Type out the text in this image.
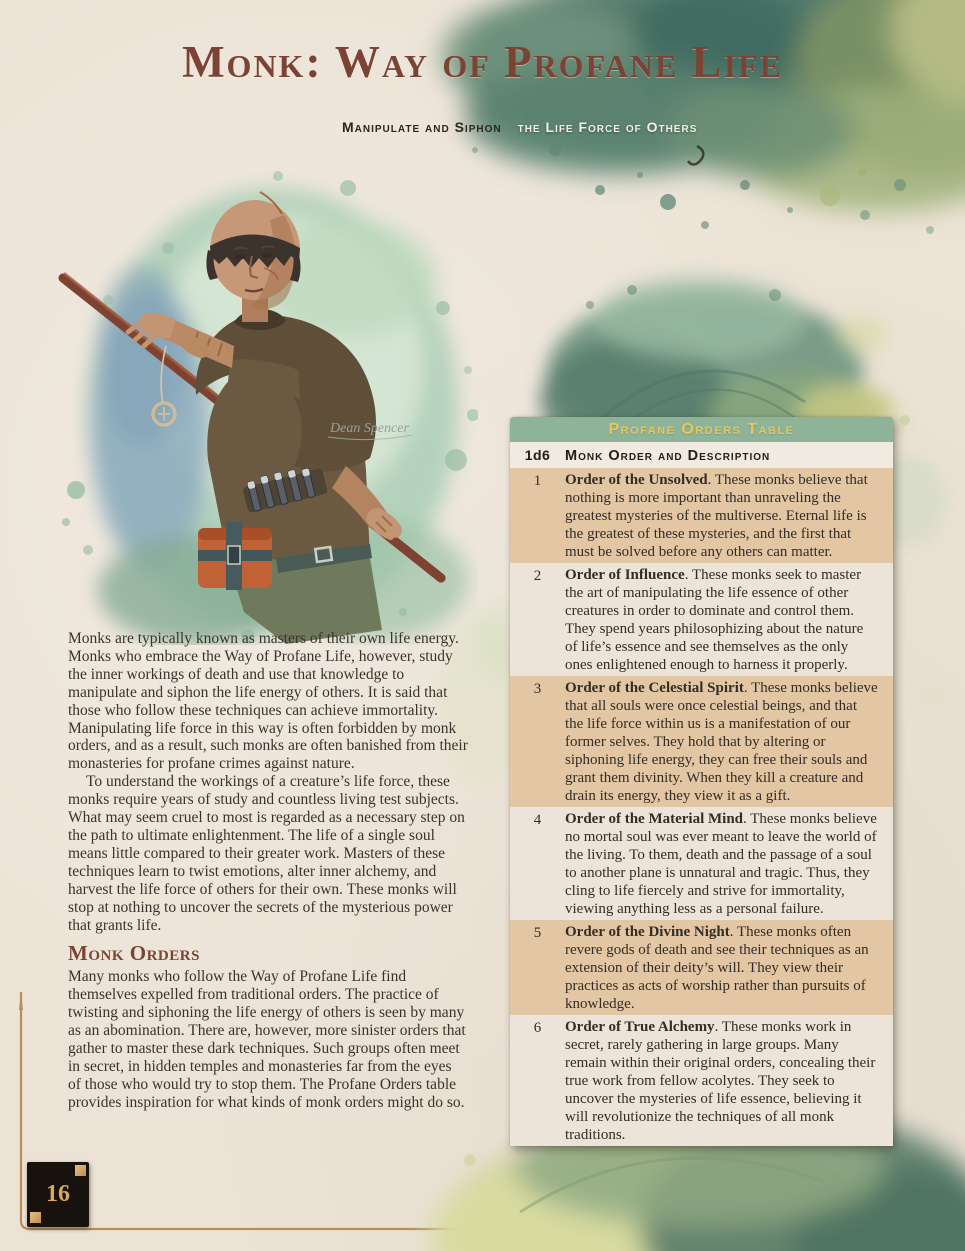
Dean Spencer
Monk: Way of Profane Life
Manipulate and Siphon the Life Force of Others

Monks are typically known as masters of their own life energy. Monks who embrace the Way of Profane Life, however, study the inner workings of death and use that knowledge to manipulate and siphon the life energy of others. It is said that those who follow these techniques can achieve immortality. Manipulating life force in this way is often forbidden by monk orders, and as a result, such monks are often banished from their monasteries for profane crimes against nature.

To understand the workings of a creature’s life force, these monks require years of study and countless living test subjects. What may seem cruel to most is regarded as a necessary step on the path to ultimate enlightenment. The life of a single soul means little compared to their greater work. Masters of these techniques learn to twist emotions, alter inner alchemy, and harvest the life force of others for their own. These monks will stop at nothing to uncover the secrets of the mysterious power that grants life.

Monk Orders

Many monks who follow the Way of Profane Life find themselves expelled from traditional orders. The practice of twisting and siphoning the life energy of others is seen by many as an abomination. There are, however, more sinister orders that gather to master these dark techniques. Such groups often meet in secret, in hidden temples and monasteries far from the eyes of those who would try to stop them. The Profane Orders table provides inspiration for what kinds of monk orders might do so.

Profane Orders Table
1d6	Monk Order and Description
1	Order of the Unsolved. These monks believe that nothing is more important than unraveling the greatest mysteries of the multiverse. Eternal life is the greatest of these mysteries, and the first that must be solved before any others can matter.
2	Order of Influence. These monks seek to master the art of manipulating the life essence of other creatures in order to dominate and control them. They spend years philosophizing about the nature of life’s essence and see themselves as the only ones enlightened enough to harness it properly.
3	Order of the Celestial Spirit. These monks believe that all souls were once celestial beings, and that the life force within us is a manifestation of our former selves. They hold that by altering or siphoning life energy, they can free their souls and grant them divinity. When they kill a creature and drain its energy, they view it as a gift.
4	Order of the Material Mind. These monks believe no mortal soul was ever meant to leave the world of the living. To them, death and the passage of a soul to another plane is unnatural and tragic. Thus, they cling to life fiercely and strive for immortality, viewing anything less as a personal failure.
5	Order of the Divine Night. These monks often revere gods of death and see their techniques as an extension of their deity’s will. They view their practices as acts of worship rather than pursuits of knowledge.
6	Order of True Alchemy. These monks work in secret, rarely gathering in large groups. Many remain within their original orders, concealing their true work from fellow acolytes. They seek to uncover the mysteries of life essence, believing it will revolutionize the techniques of all monk traditions.
16
